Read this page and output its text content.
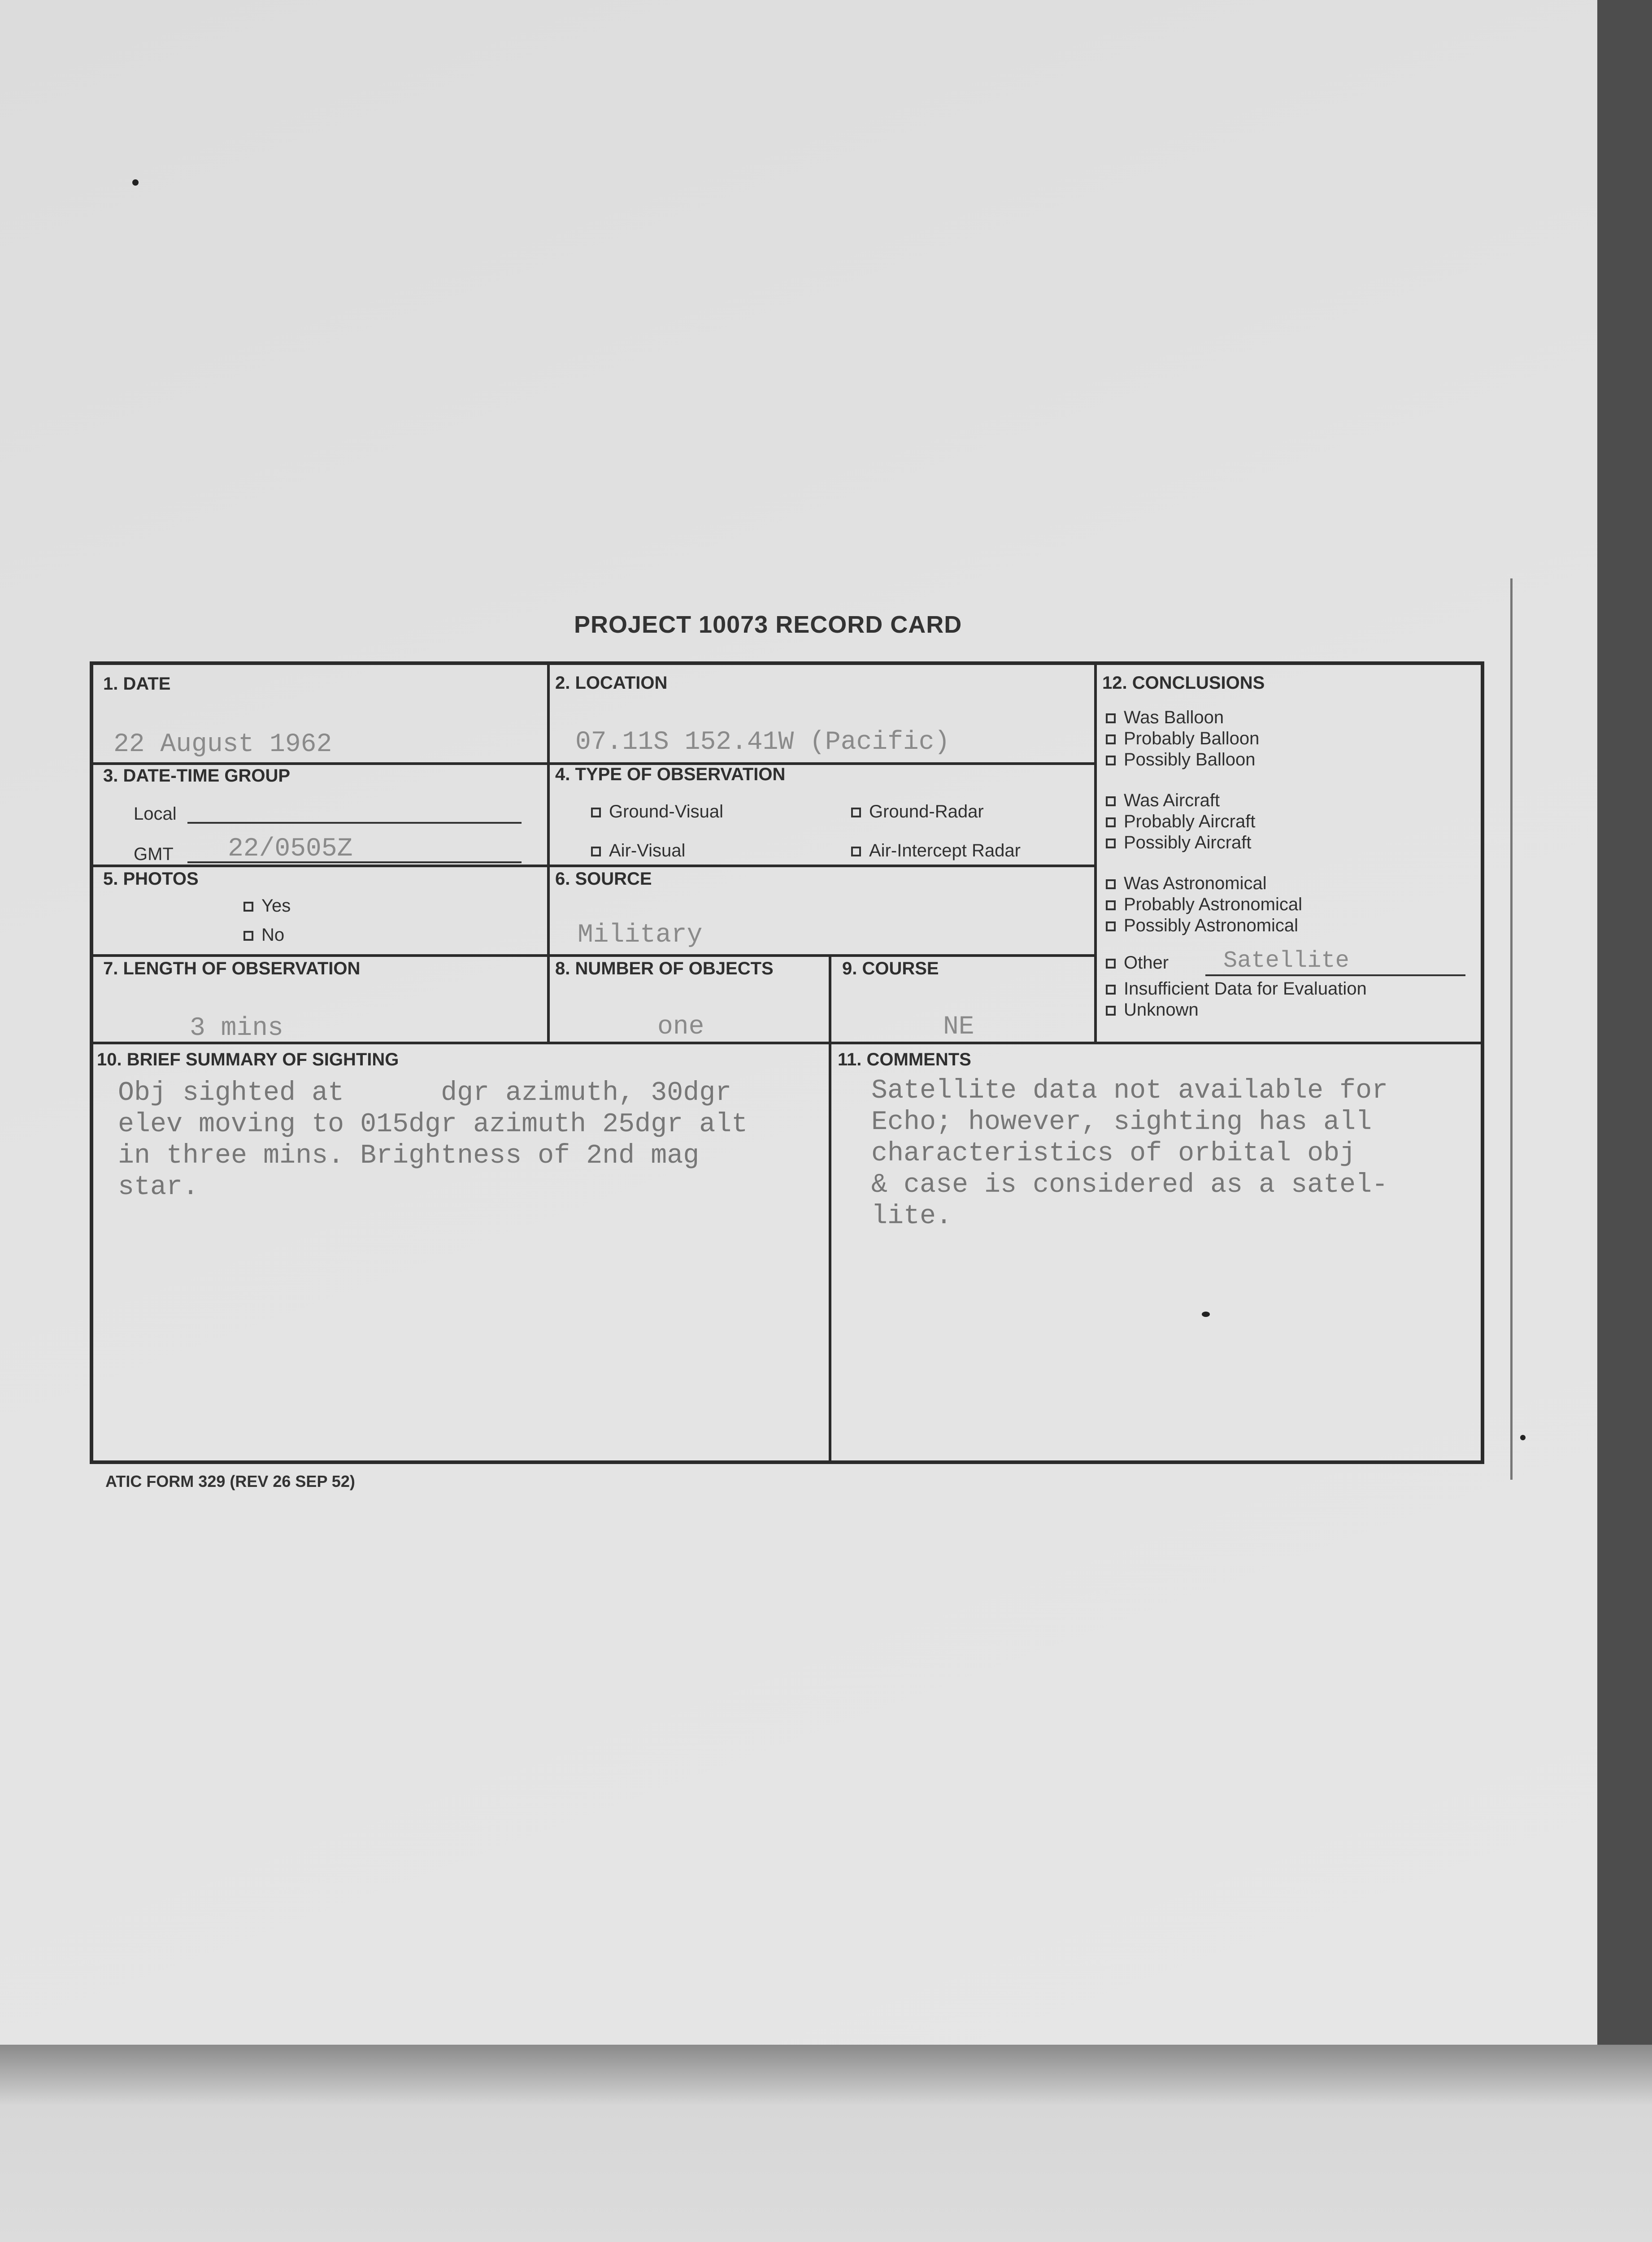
PROJECT 10073 RECORD CARD
1. DATE
22 August 1962
2. LOCATION
07.11S 152.41W (Pacific)
3. DATE-TIME GROUP
Local
GMT 22/0505Z
4. TYPE OF OBSERVATION
Ground-Visual	Ground-Radar
Air-Visual	Air-Intercept Radar
5. PHOTOS
Yes
No
6. SOURCE
Military
7. LENGTH OF OBSERVATION
3 mins
8. NUMBER OF OBJECTS
one
9. COURSE
NE
10. BRIEF SUMMARY OF SIGHTING
Obj sighted at      dgr azimuth, 30dgr
elev moving to 015dgr azimuth 25dgr alt
in three mins. Brightness of 2nd mag
star.
11. COMMENTS
Satellite data not available for
Echo; however, sighting has all
characteristics of orbital obj
& case is considered as a satel-
lite.
12. CONCLUSIONS
Was Balloon
Probably Balloon
Possibly Balloon
Was Aircraft
Probably Aircraft
Possibly Aircraft
Was Astronomical
Probably Astronomical
Possibly Astronomical
Other Satellite
Insufficient Data for Evaluation
Unknown
ATIC FORM 329 (REV 26 SEP 52)
